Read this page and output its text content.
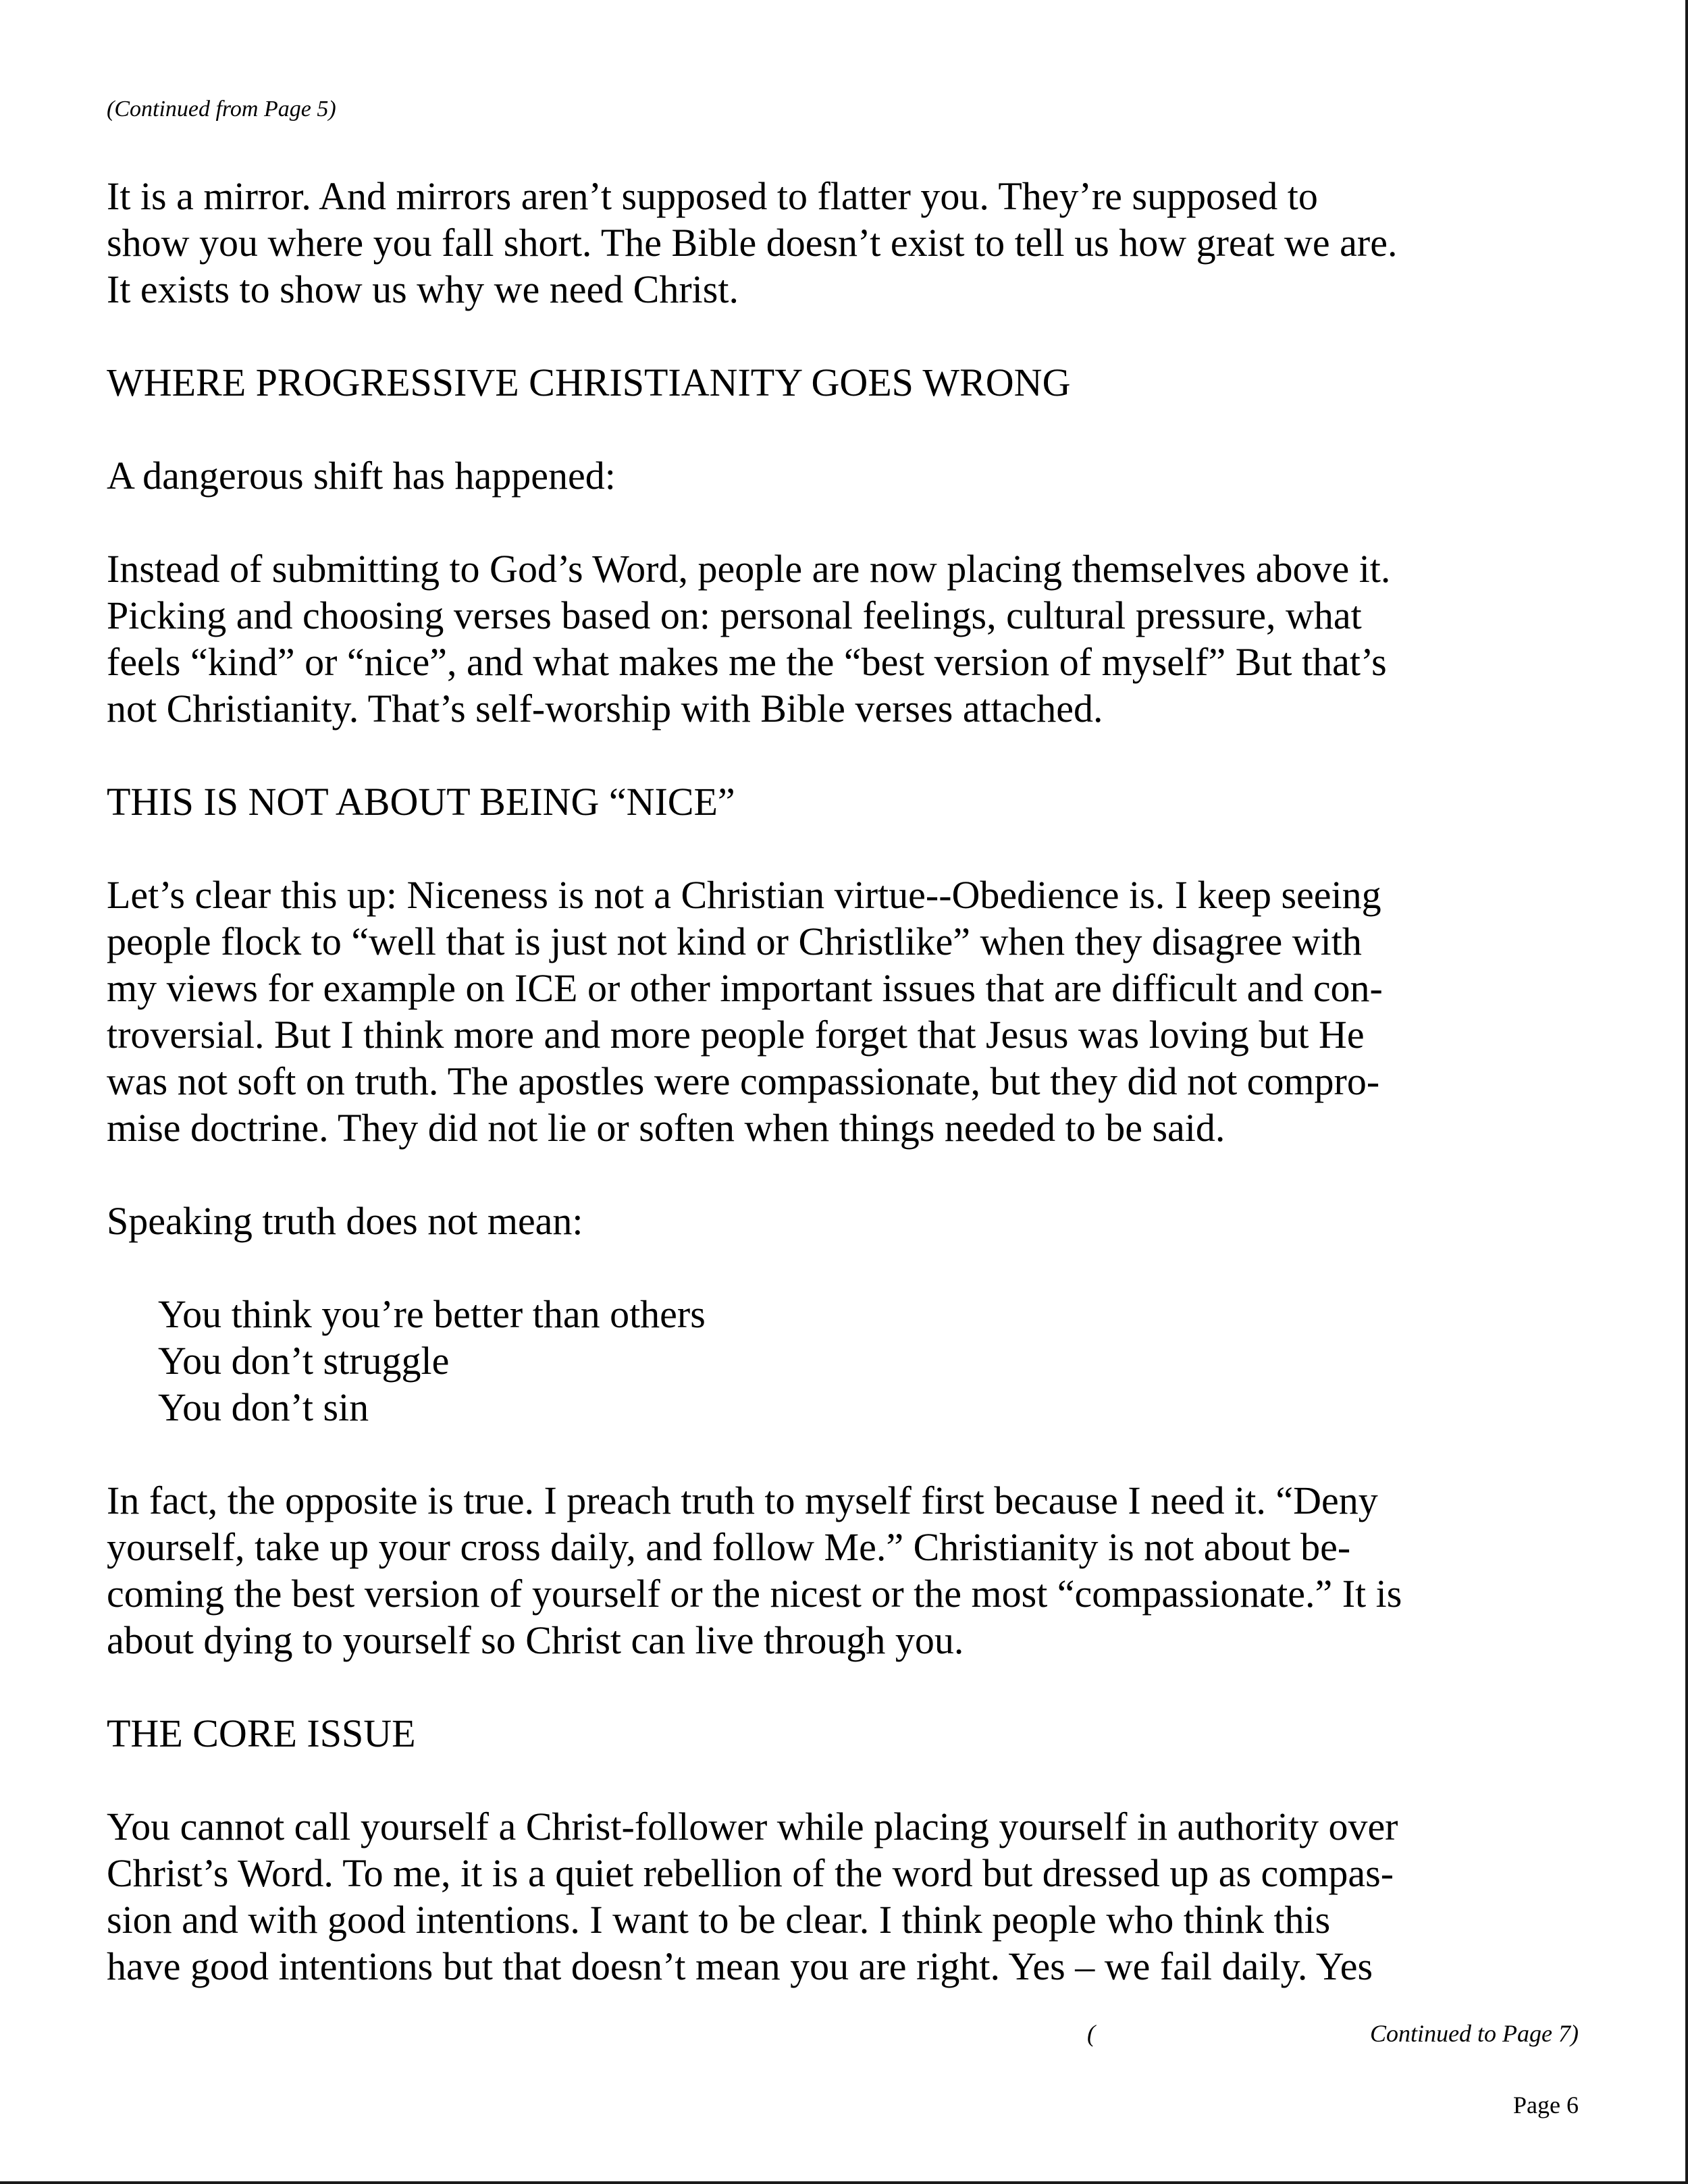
(Continued from Page 5)

It is a mirror. And mirrors aren’t supposed to flatter you. They’re supposed to
show you where you fall short. The Bible doesn’t exist to tell us how great we are.
It exists to show us why we need Christ.

WHERE PROGRESSIVE CHRISTIANITY GOES WRONG

A dangerous shift has happened:

Instead of submitting to God’s Word, people are now placing themselves above it.
Picking and choosing verses based on: personal feelings, cultural pressure, what
feels “kind” or “nice”, and what makes me the “best version of myself” But that’s
not Christianity. That’s self-worship with Bible verses attached.

THIS IS NOT ABOUT BEING “NICE”

Let’s clear this up: Niceness is not a Christian virtue--Obedience is. I keep seeing
people flock to “well that is just not kind or Christlike” when they disagree with
my views for example on ICE or other important issues that are difficult and con-
troversial. But I think more and more people forget that Jesus was loving but He
was not soft on truth. The apostles were compassionate, but they did not compro-
mise doctrine. They did not lie or soften when things needed to be said.

Speaking truth does not mean:

You think you’re better than others
You don’t struggle
You don’t sin

In fact, the opposite is true. I preach truth to myself first because I need it. “Deny
yourself, take up your cross daily, and follow Me.” Christianity is not about be-
coming the best version of yourself or the nicest or the most “compassionate.” It is
about dying to yourself so Christ can live through you.

THE CORE ISSUE

You cannot call yourself a Christ-follower while placing yourself in authority over
Christ’s Word. To me, it is a quiet rebellion of the word but dressed up as compas-
sion and with good intentions. I want to be clear. I think people who think this
have good intentions but that doesn’t mean you are right. Yes – we fail daily. Yes

(	Continued to Page 7)
Page 6
